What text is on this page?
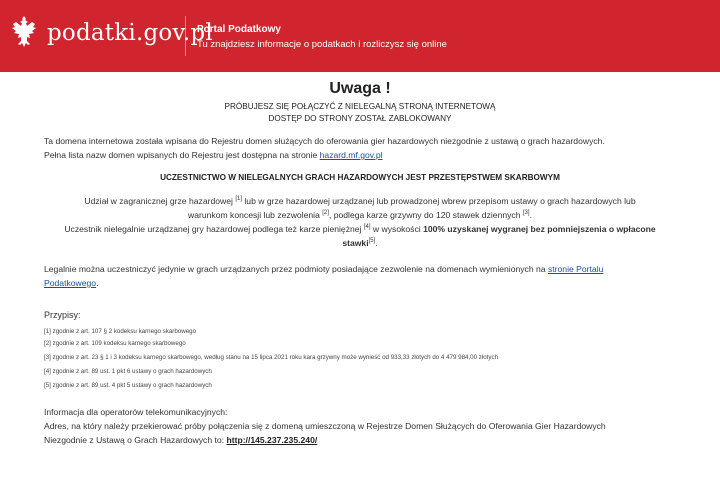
podatki.gov.pl
Portal Podatkowy
Tu znajdziesz informacje o podatkach i rozliczysz się online
Uwaga !
PRÓBUJESZ SIĘ POŁĄCZYĆ Z NIELEGALNĄ STRONĄ INTERNETOWĄ
DOSTĘP DO STRONY ZOSTAŁ ZABLOKOWANY
Ta domena internetowa została wpisana do Rejestru domen służących do oferowania gier hazardowych niezgodnie z ustawą o grach hazardowych.
Pełna lista nazw domen wpisanych do Rejestru jest dostępna na stronie hazard.mf.gov.pl
UCZESTNICTWO W NIELEGALNYCH GRACH HAZARDOWYCH JEST PRZESTĘPSTWEM SKARBOWYM
Udział w zagranicznej grze hazardowej [1] lub w grze hazardowej urządzanej lub prowadzonej wbrew przepisom ustawy o grach hazardowych lub
warunkom koncesji lub zezwolenia [2], podlega karze grzywny do 120 stawek dziennych [3].
Uczestnik nielegalnie urządzanej gry hazardowej podlega też karze pieniężnej [4] w wysokości 100% uzyskanej wygranej bez pomniejszenia o wpłacone
stawki[5].
Legalnie można uczestniczyć jedynie w grach urządzanych przez podmioty posiadające zezwolenie na domenach wymienionych na stronie Portalu
Podatkowego.
Przypisy:
[1] zgodnie z art. 107 § 2 kodeksu karnego skarbowego
[2] zgodnie z art. 109 kodeksu karnego skarbowego
[3] zgodnie z art. 23 § 1 i 3 kodeksu karnego skarbowego, według stanu na 15 lipca 2021 roku kara grzywny może wynieść od 933,33 złotych do 4 479 984,00 złotych
[4] zgodnie z art. 89 ust. 1 pkt 6 ustawy o grach hazardowych
[5] zgodnie z art. 89 ust. 4 pkt 5 ustawy o grach hazardowych
Informacja dla operatorów telekomunikacyjnych:
Adres, na który należy przekierować próby połączenia się z domeną umieszczoną w Rejestrze Domen Służących do Oferowania Gier Hazardowych
Niezgodnie z Ustawą o Grach Hazardowych to: http://145.237.235.240/
